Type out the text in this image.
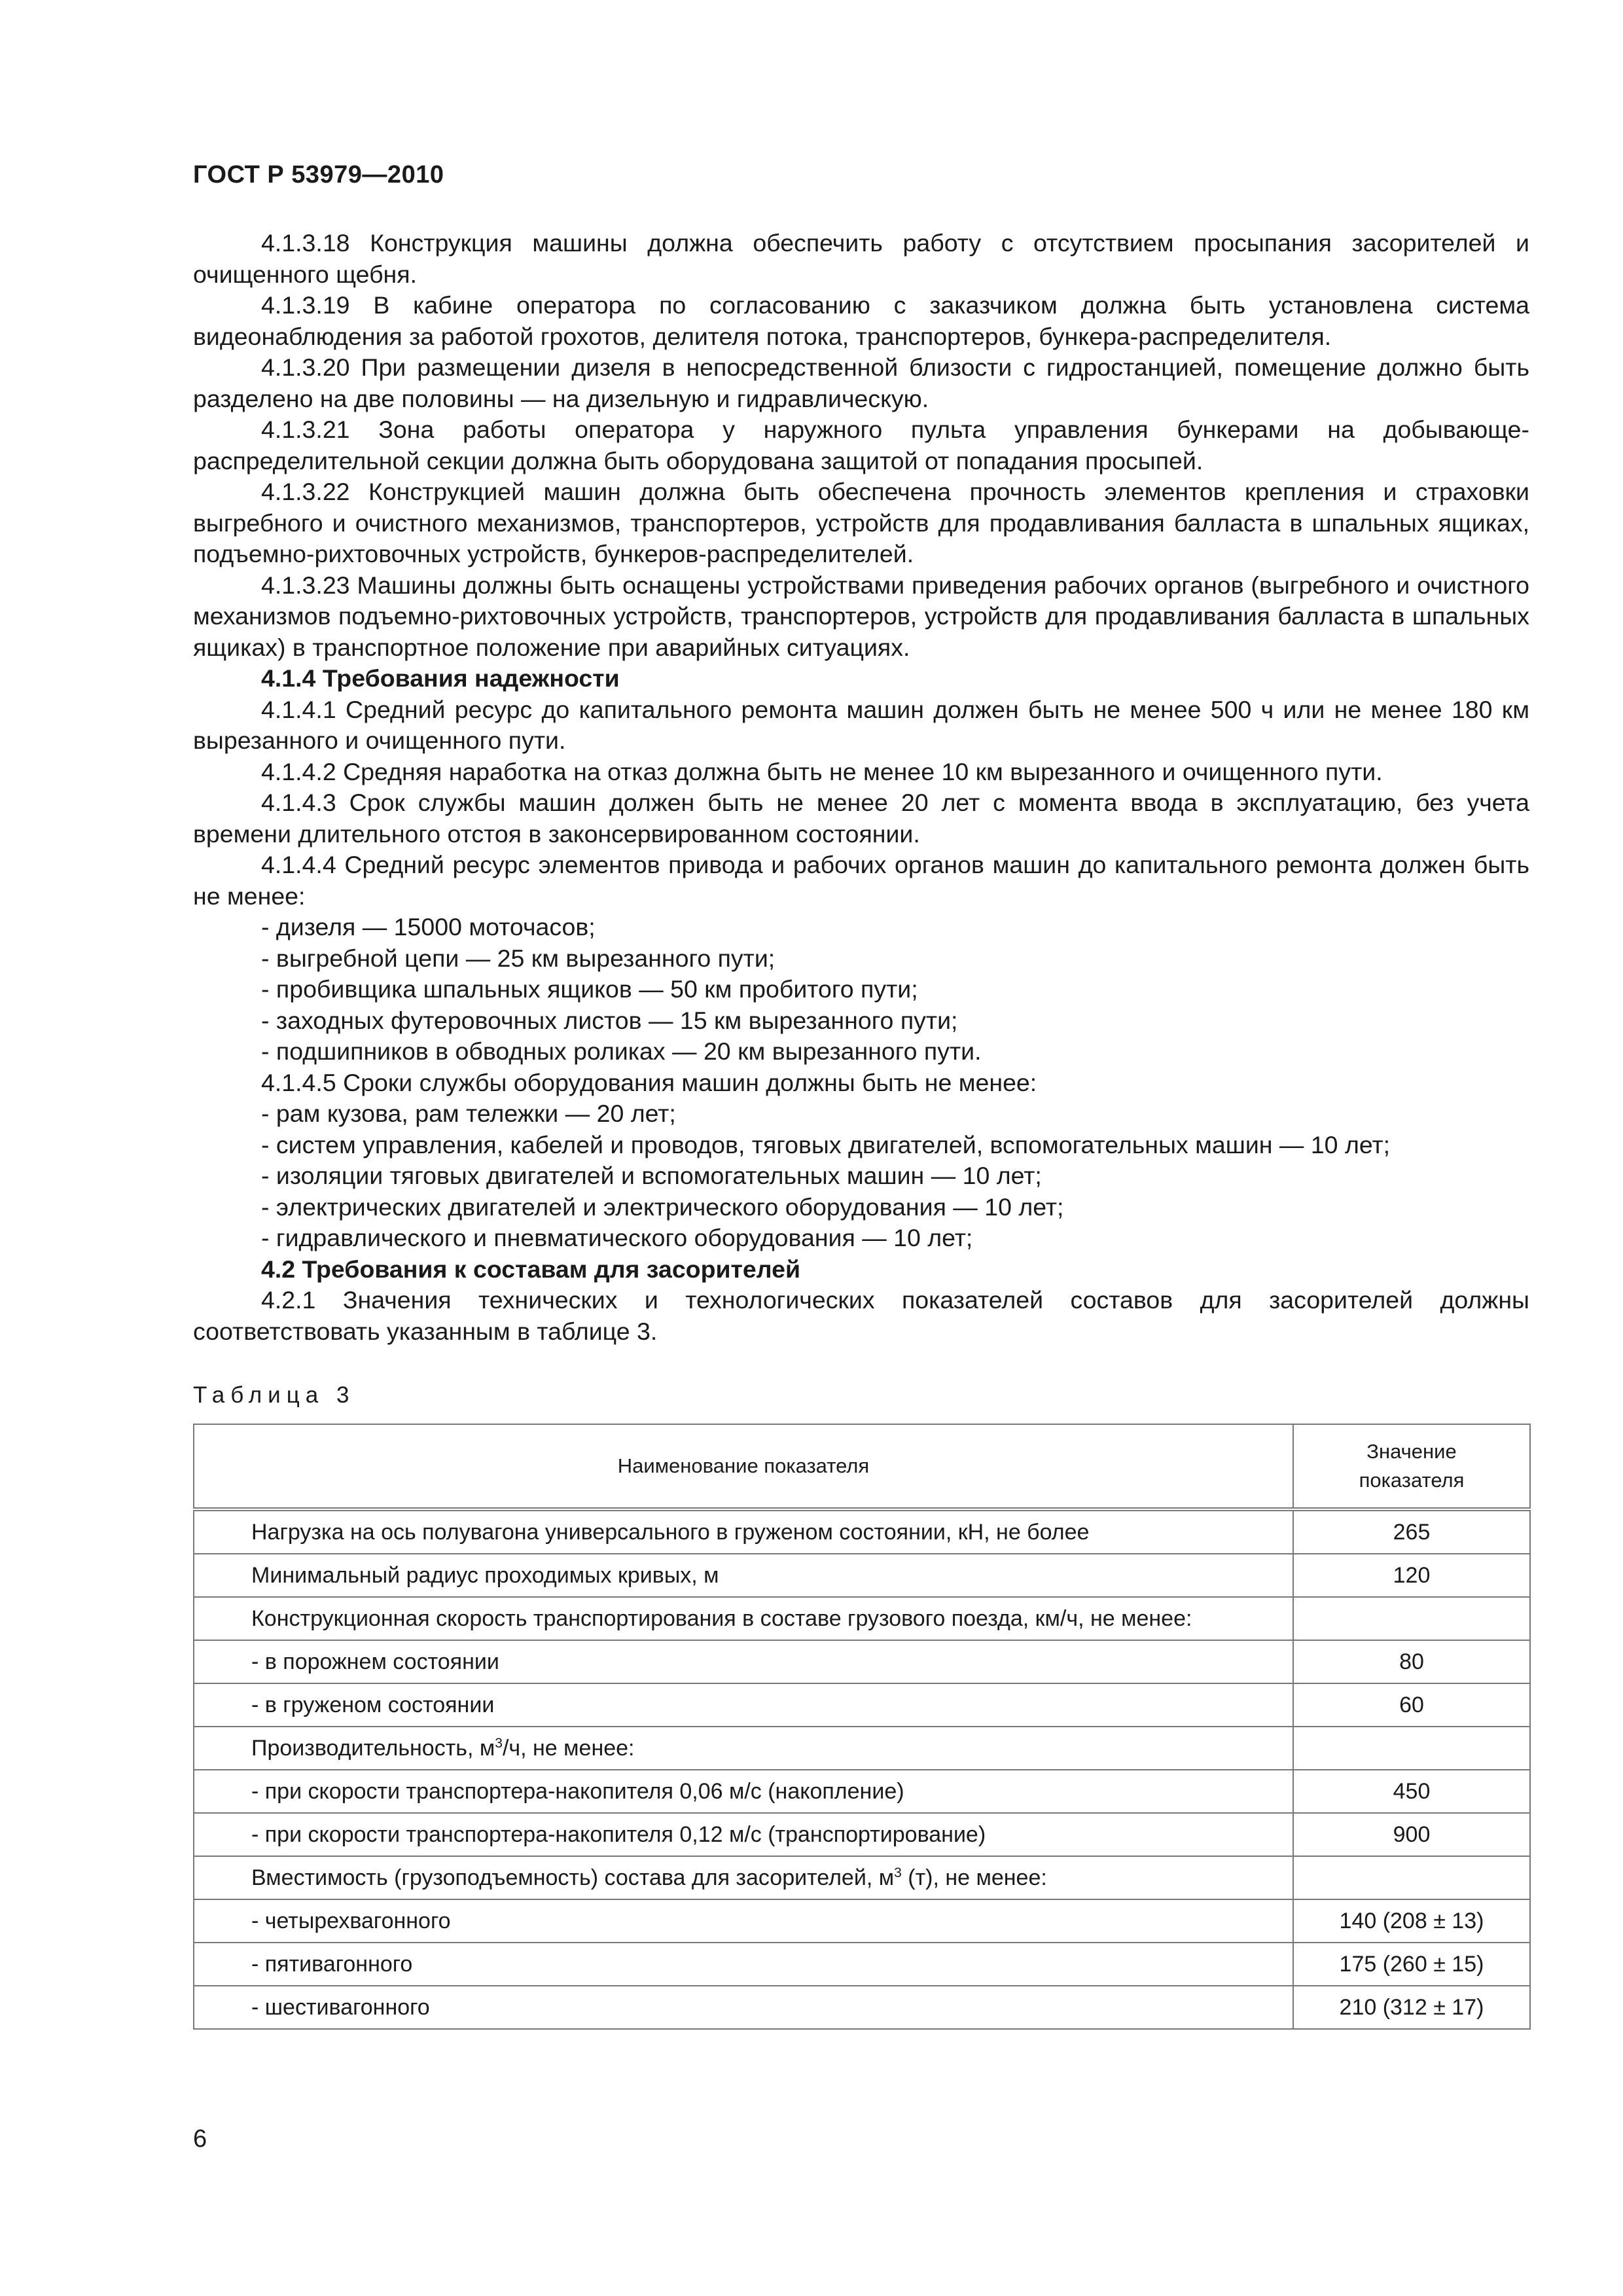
ГОСТ Р 53979—2010

4.1.3.18 Конструкция машины должна обеспечить работу с отсутствием просыпания засорителей и очищенного щебня.

4.1.3.19 В кабине оператора по согласованию с заказчиком должна быть установлена система видеонаблюдения за работой грохотов, делителя потока, транспортеров, бункера-распределителя.

4.1.3.20 При размещении дизеля в непосредственной близости с гидростанцией, помещение должно быть разделено на две половины — на дизельную и гидравлическую.

4.1.3.21 Зона работы оператора у наружного пульта управления бункерами на добывающе-распределительной секции должна быть оборудована защитой от попадания просыпей.

4.1.3.22 Конструкцией машин должна быть обеспечена прочность элементов крепления и страховки выгребного и очистного механизмов, транспортеров, устройств для продавливания балласта в шпальных ящиках, подъемно-рихтовочных устройств, бункеров-распределителей.

4.1.3.23 Машины должны быть оснащены устройствами приведения рабочих органов (выгребного и очистного механизмов подъемно-рихтовочных устройств, транспортеров, устройств для продавливания балласта в шпальных ящиках) в транспортное положение при аварийных ситуациях.

4.1.4 Требования надежности

4.1.4.1 Средний ресурс до капитального ремонта машин должен быть не менее 500 ч или не менее 180 км вырезанного и очищенного пути.

4.1.4.2 Средняя наработка на отказ должна быть не менее 10 км вырезанного и очищенного пути.

4.1.4.3 Срок службы машин должен быть не менее 20 лет с момента ввода в эксплуатацию, без учета времени длительного отстоя в законсервированном состоянии.

4.1.4.4 Средний ресурс элементов привода и рабочих органов машин до капитального ремонта должен быть не менее:

- дизеля — 15000 моточасов;

- выгребной цепи — 25 км вырезанного пути;

- пробивщика шпальных ящиков — 50 км пробитого пути;

- заходных футеровочных листов — 15 км вырезанного пути;

- подшипников в обводных роликах — 20 км вырезанного пути.

4.1.4.5 Сроки службы оборудования машин должны быть не менее:

- рам кузова, рам тележки — 20 лет;

- систем управления, кабелей и проводов, тяговых двигателей, вспомогательных машин — 10 лет;

- изоляции тяговых двигателей и вспомогательных машин — 10 лет;

- электрических двигателей и электрического оборудования — 10 лет;

- гидравлического и пневматического оборудования — 10 лет;

4.2 Требования к составам для засорителей

4.2.1 Значения технических и технологических показателей составов для засорителей должны соответствовать указанным в таблице 3.

Таблица 3
Наименование показателя	Значение показателя
Нагрузка на ось полувагона универсального в груженом состоянии, кН, не более	265
Минимальный радиус проходимых кривых, м	120
Конструкционная скорость транспортирования в составе грузового поезда, км/ч, не менее:	
- в порожнем состоянии	80
- в груженом состоянии	60
Производительность, $м^3/ч$, не менее:	
- при скорости транспортера-накопителя 0,06 м/с (накопление)	450
- при скорости транспортера-накопителя 0,12 м/с (транспортирование)	900
Вместимость (грузоподъемность) состава для засорителей, $м^3$ (т), не менее:	
- четырехвагонного	140 (208 ± 13)
- пятивагонного	175 (260 ± 15)
- шестивагонного	210 (312 ± 17)
6
